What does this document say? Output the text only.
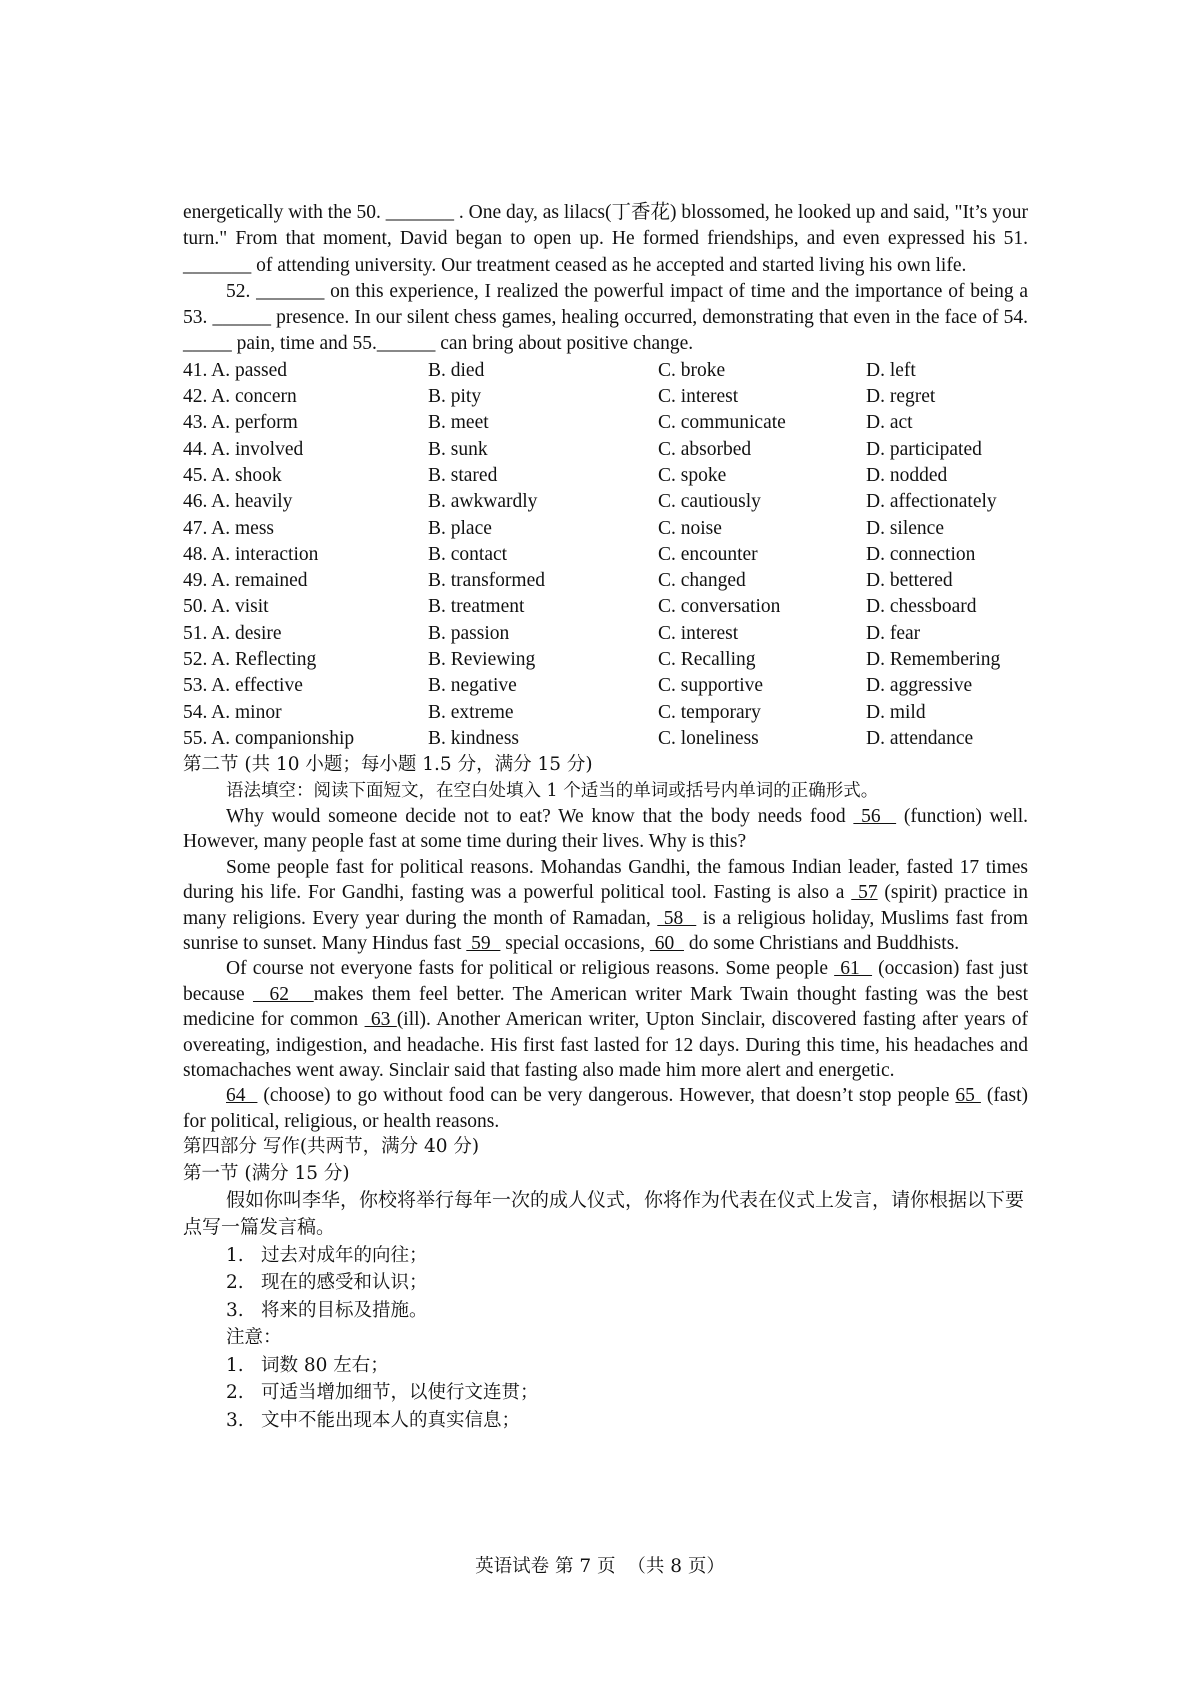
energetically with the 50. _______ . One day, as lilacs(丁香花) blossomed, he looked up and said, "It’s your turn." From that moment, David began to open up. He formed friendships, and even expressed his 51. _______ of attending university. Our treatment ceased as he accepted and started living his own life.

52. _______ on this experience, I realized the powerful impact of time and the importance of being a 53. ______ presence. In our silent chess games, healing occurred, demonstrating that even in the face of 54. _____ pain, time and 55.______ can bring about positive change.

41. A. passed	B. died	C. broke	D. left
42. A. concern	B. pity	C. interest	D. regret
43. A. perform	B. meet	C. communicate	D. act
44. A. involved	B. sunk	C. absorbed	D. participated
45. A. shook	B. stared	C. spoke	D. nodded
46. A. heavily	B. awkwardly	C. cautiously	D. affectionately
47. A. mess	B. place	C. noise	D. silence
48. A. interaction	B. contact	C. encounter	D. connection
49. A. remained	B. transformed	C. changed	D. bettered
50. A. visit	B. treatment	C. conversation	D. chessboard
51. A. desire	B. passion	C. interest	D. fear
52. A. Reflecting	B. Reviewing	C. Recalling	D. Remembering
53. A. effective	B. negative	C. supportive	D. aggressive
54. A. minor	B. extreme	C. temporary	D. mild
55. A. companionship	B. kindness	C. loneliness	D. attendance

第二节 (共 10 小题；每小题 1.5 分，满分 15 分)

语法填空：阅读下面短文，在空白处填入 1 个适当的单词或括号内单词的正确形式。

Why would someone decide not to eat? We know that the body needs food  56   (function) well. However, many people fast at some time during their lives. Why is this?

Some people fast for political reasons. Mohandas Gandhi, the famous Indian leader, fasted 17 times during his life. For Gandhi, fasting was a powerful political tool. Fasting is also a  57 (spirit) practice in many religions. Every year during the month of Ramadan,  58   is a religious holiday, Muslims fast from sunrise to sunset. Many Hindus fast  59   special occasions,  60   do some Christians and Buddhists.

Of course not everyone fasts for political or religious reasons. Some people  61   (occasion) fast just because   62   makes them feel better. The American writer Mark Twain thought fasting was the best medicine for common  63 (ill). Another American writer, Upton Sinclair, discovered fasting after years of overeating, indigestion, and headache. His first fast lasted for 12 days. During this time, his headaches and stomachaches went away. Sinclair said that fasting also made him more alert and energetic.

64   (choose) to go without food can be very dangerous. However, that doesn’t stop people 65  (fast) for political, religious, or health reasons.

第四部分 写作(共两节，满分 40 分)

第一节 (满分 15 分)

假如你叫李华，你校将举行每年一次的成人仪式，你将作为代表在仪式上发言，请你根据以下要点写一篇发言稿。

1. 过去对成年的向往；
2. 现在的感受和认识；
3. 将来的目标及措施。

注意：

1. 词数 80 左右；
2. 可适当增加细节，以使行文连贯；
3. 文中不能出现本人的真实信息；
英语试卷 第 7 页  （共 8 页）
